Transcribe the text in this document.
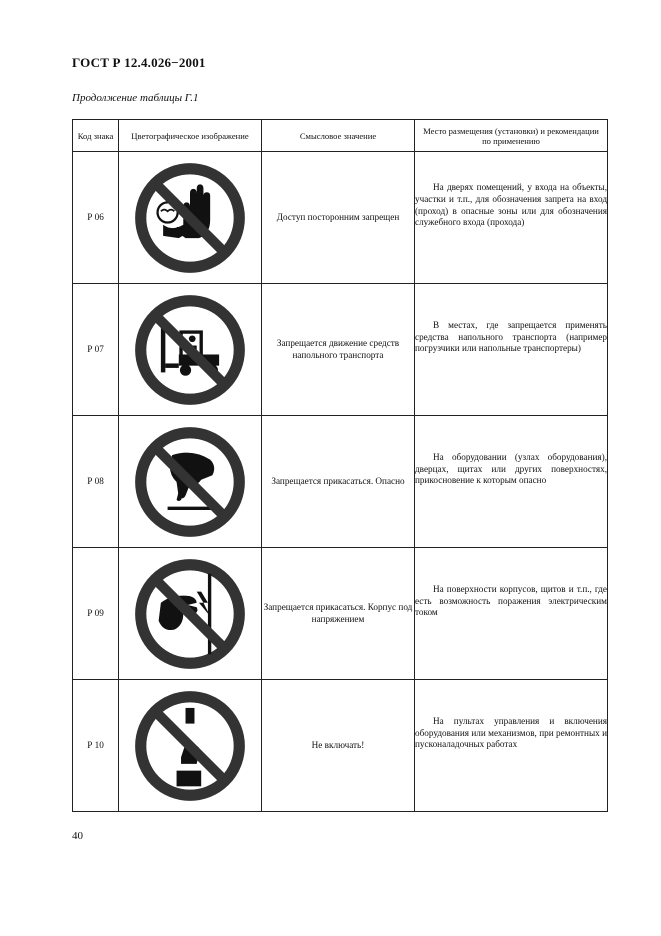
ГОСТ Р 12.4.026−2001
Продолжение таблицы Г.1
Код знака	Цветографическое изображение	Смысловое значение	Место размещения (установки) и рекомендации по применению
Р 06		Доступ посторонним запрещен	На дверях помещений, у входа на объекты, участки и т.п., для обозначения запрета на вход (проход) в опасные зоны или для обозначения служебного входа (прохода)

Р 07		Запрещается движение средств напольного транспорта	В местах, где запрещается применять средства напольного транспорта (например погрузчики или напольные транспортеры)

Р 08		Запрещается прикасаться. Опасно	На оборудовании (узлах оборудования), дверцах, щитах или других поверхностях, прикосновение к которым опасно

Р 09		Запрещается прикасаться. Корпус под напряжением	На поверхности корпусов, щитов и т.п., где есть возможность поражения электрическим током

Р 10		Не включать!	На пультах управления и включения оборудования или механизмов, при ремонтных и пусконаладочных работах
40
